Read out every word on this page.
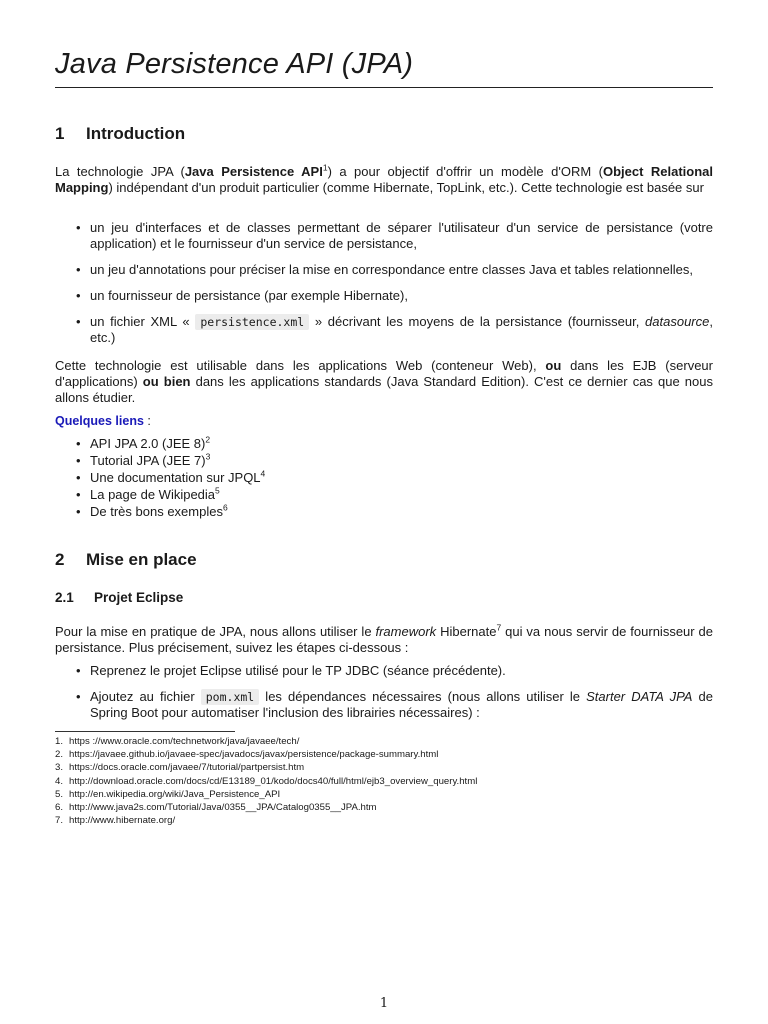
Java Persistence API (JPA)
1 Introduction

La technologie JPA (Java Persistence API$^1$) a pour objectif d'offrir un modèle d'ORM (Object Relational Mapping) indépendant d'un produit particulier (comme Hibernate, TopLink, etc.). Cette technologie est basée sur

• un jeu d'interfaces et de classes permettant de séparer l'utilisateur d'un service de persistance (votre application) et le fournisseur d'un service de persistance,
• un jeu d'annotations pour préciser la mise en correspondance entre classes Java et tables relationnelles,
• un fournisseur de persistance (par exemple Hibernate),
• un fichier XML « persistence.xml » décrivant les moyens de la persistance (fournisseur, datasource, etc.)

Cette technologie est utilisable dans les applications Web (conteneur Web), ou dans les EJB (serveur d'applications) ou bien dans les applications standards (Java Standard Edition). C'est ce dernier cas que nous allons étudier.

Quelques liens :
• API JPA 2.0 (JEE 8)$^2$
• Tutorial JPA (JEE 7)$^3$
• Une documentation sur JPQL$^4$
• La page de Wikipedia$^5$
• De très bons exemples$^6$
2 Mise en place
2.1 Projet Eclipse

Pour la mise en pratique de JPA, nous allons utiliser le framework Hibernate$^7$ qui va nous servir de fournisseur de persistance. Plus précisement, suivez les étapes ci-dessous :

• Reprenez le projet Eclipse utilisé pour le TP JDBC (séance précédente).
• Ajoutez au fichier pom.xml les dépendances nécessaires (nous allons utiliser le Starter DATA JPA de Spring Boot pour automatiser l'inclusion des librairies nécessaires) :
1. https ://www.oracle.com/technetwork/java/javaee/tech/
2. https://javaee.github.io/javaee-spec/javadocs/javax/persistence/package-summary.html
3. https://docs.oracle.com/javaee/7/tutorial/partpersist.htm
4. http://download.oracle.com/docs/cd/E13189_01/kodo/docs40/full/html/ejb3_overview_query.html
5. http://en.wikipedia.org/wiki/Java_Persistence_API
6. http://www.java2s.com/Tutorial/Java/0355__JPA/Catalog0355__JPA.htm
7. http://www.hibernate.org/
1
